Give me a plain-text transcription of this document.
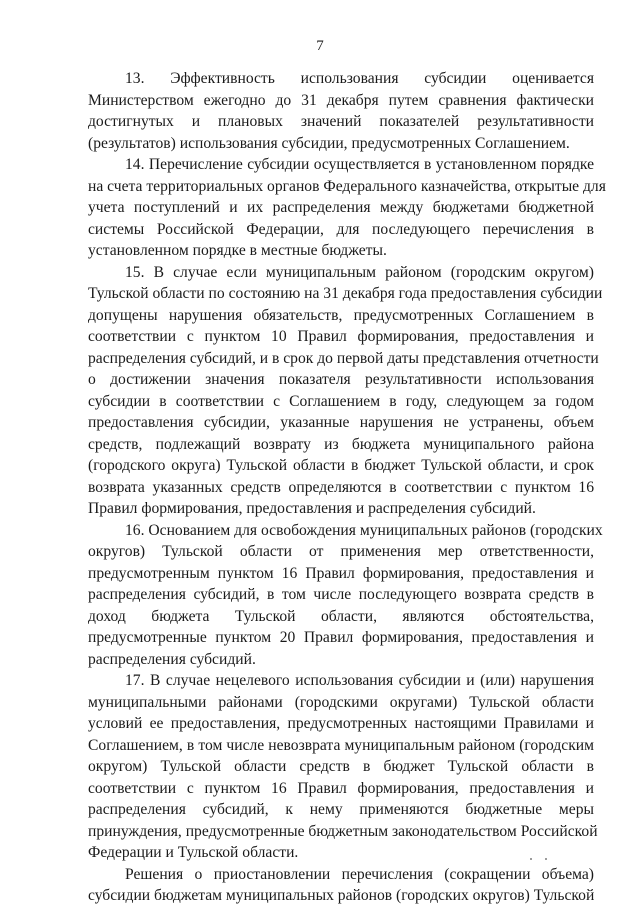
7
13. Эффективность использования субсидии оценивается
Министерством ежегодно до 31 декабря путем сравнения фактически
достигнутых и плановых значений показателей результативности
(результатов) использования субсидии, предусмотренных Соглашением.
14. Перечисление субсидии осуществляется в установленном порядке
на счета территориальных органов Федерального казначейства, открытые для
учета поступлений и их распределения между бюджетами бюджетной
системы Российской Федерации, для последующего перечисления в
установленном порядке в местные бюджеты.
15. В случае если муниципальным районом (городским округом)
Тульской области по состоянию на 31 декабря года предоставления субсидии
допущены нарушения обязательств, предусмотренных Соглашением в
соответствии с пунктом 10 Правил формирования, предоставления и
распределения субсидий, и в срок до первой даты представления отчетности
о достижении значения показателя результативности использования
субсидии в соответствии с Соглашением в году, следующем за годом
предоставления субсидии, указанные нарушения не устранены, объем
средств, подлежащий возврату из бюджета муниципального района
(городского округа) Тульской области в бюджет Тульской области, и срок
возврата указанных средств определяются в соответствии с пунктом 16
Правил формирования, предоставления и распределения субсидий.
16. Основанием для освобождения муниципальных районов (городских
округов) Тульской области от применения мер ответственности,
предусмотренным пунктом 16 Правил формирования, предоставления и
распределения субсидий, в том числе последующего возврата средств в
доход бюджета Тульской области, являются обстоятельства,
предусмотренные пунктом 20 Правил формирования, предоставления и
распределения субсидий.
17. В случае нецелевого использования субсидии и (или) нарушения
муниципальными районами (городскими округами) Тульской области
условий ее предоставления, предусмотренных настоящими Правилами и
Соглашением, в том числе невозврата муниципальным районом (городским
округом) Тульской области средств в бюджет Тульской области в
соответствии с пунктом 16 Правил формирования, предоставления и
распределения субсидий, к нему применяются бюджетные меры
принуждения, предусмотренные бюджетным законодательством Российской
Федерации и Тульской области.
Решения о приостановлении перечисления (сокращении объема)
субсидии бюджетам муниципальных районов (городских округов) Тульской
